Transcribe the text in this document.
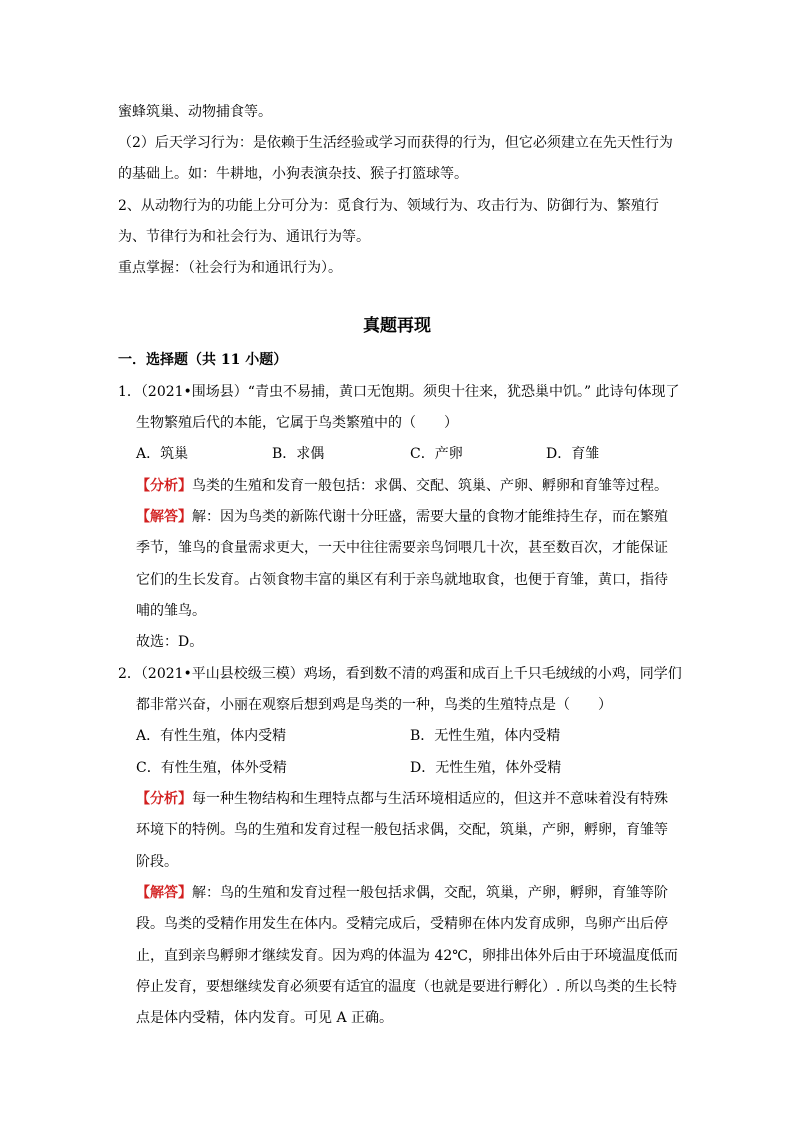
蜜蜂筑巢、动物捕食等。
（2）后天学习行为：是依赖于生活经验或学习而获得的行为，但它必须建立在先天性行为
的基础上。如：牛耕地，小狗表演杂技、猴子打篮球等。
2、从动物行为的功能上分可分为：觅食行为、领域行为、攻击行为、防御行为、繁殖行
为、节律行为和社会行为、通讯行为等。
重点掌握：（社会行为和通讯行为）。
真题再现
一．选择题（共 11 小题）
1．（2021•围场县）“青虫不易捕，黄口无饱期。须臾十往来，犹恐巢中饥。” 此诗句体现了
生物繁殖后代的本能，它属于鸟类繁殖中的（　　）
A．筑巢	B．求偶	C．产卵	D．育雏
【分析】鸟类的生殖和发育一般包括：求偶、交配、筑巢、产卵、孵卵和育雏等过程。
【解答】解：因为鸟类的新陈代谢十分旺盛，需要大量的食物才能维持生存，而在繁殖
季节，雏鸟的食量需求更大，一天中往往需要亲鸟饲喂几十次，甚至数百次，才能保证
它们的生长发育。占领食物丰富的巢区有利于亲鸟就地取食，也便于育雏，黄口，指待
哺的雏鸟。
故选：D。
2．（2021•平山县校级三模）鸡场，看到数不清的鸡蛋和成百上千只毛绒绒的小鸡，同学们
都非常兴奋，小丽在观察后想到鸡是鸟类的一种，鸟类的生殖特点是（　　）
A．有性生殖，体内受精	B．无性生殖，体内受精
C．有性生殖，体外受精	D．无性生殖，体外受精
【分析】每一种生物结构和生理特点都与生活环境相适应的，但这并不意味着没有特殊
环境下的特例。鸟的生殖和发育过程一般包括求偶，交配，筑巢，产卵，孵卵，育雏等
阶段。
【解答】解：鸟的生殖和发育过程一般包括求偶，交配，筑巢，产卵，孵卵，育雏等阶
段。鸟类的受精作用发生在体内。受精完成后，受精卵在体内发育成卵，鸟卵产出后停
止，直到亲鸟孵卵才继续发育。因为鸡的体温为 42℃，卵排出体外后由于环境温度低而
停止发育，要想继续发育必须要有适宜的温度（也就是要进行孵化）. 所以鸟类的生长特
点是体内受精，体内发育。可见 A 正确。
